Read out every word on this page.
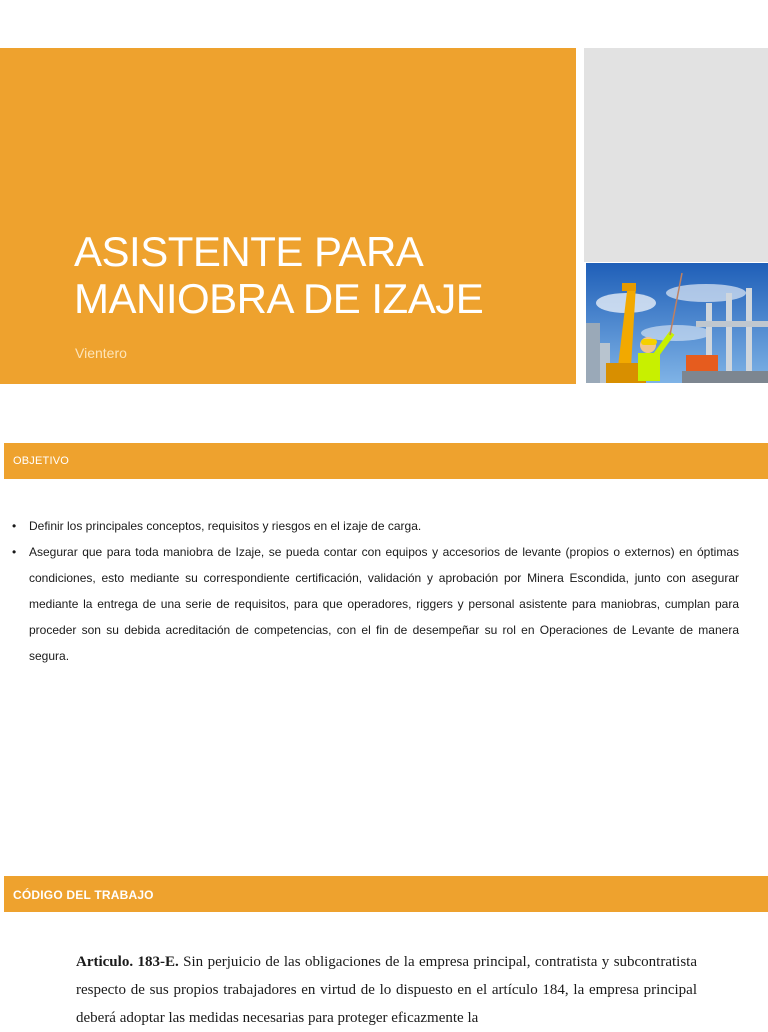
ASISTENTE PARA
MANIOBRA DE IZAJE

Vientero

OBJETIVO

• Definir los principales conceptos, requisitos y riesgos en el izaje de carga.
• Asegurar que para toda maniobra de Izaje, se pueda contar con equipos y accesorios de levante (propios o externos) en óptimas condiciones, esto mediante su correspondiente certificación, validación y aprobación por Minera Escondida, junto con asegurar mediante la entrega de una serie de requisitos, para que operadores, riggers y personal asistente para maniobras, cumplan para proceder son su debida acreditación de competencias, con el fin de desempeñar su rol en Operaciones de Levante de manera segura.

CÓDIGO DEL TRABAJO

Articulo. 183-E. Sin perjuicio de las obligaciones de la empresa principal, contratista y subcontratista respecto de sus propios trabajadores en virtud de lo dispuesto en el artículo 184, la empresa principal deberá adoptar las medidas necesarias para proteger eficazmente la
